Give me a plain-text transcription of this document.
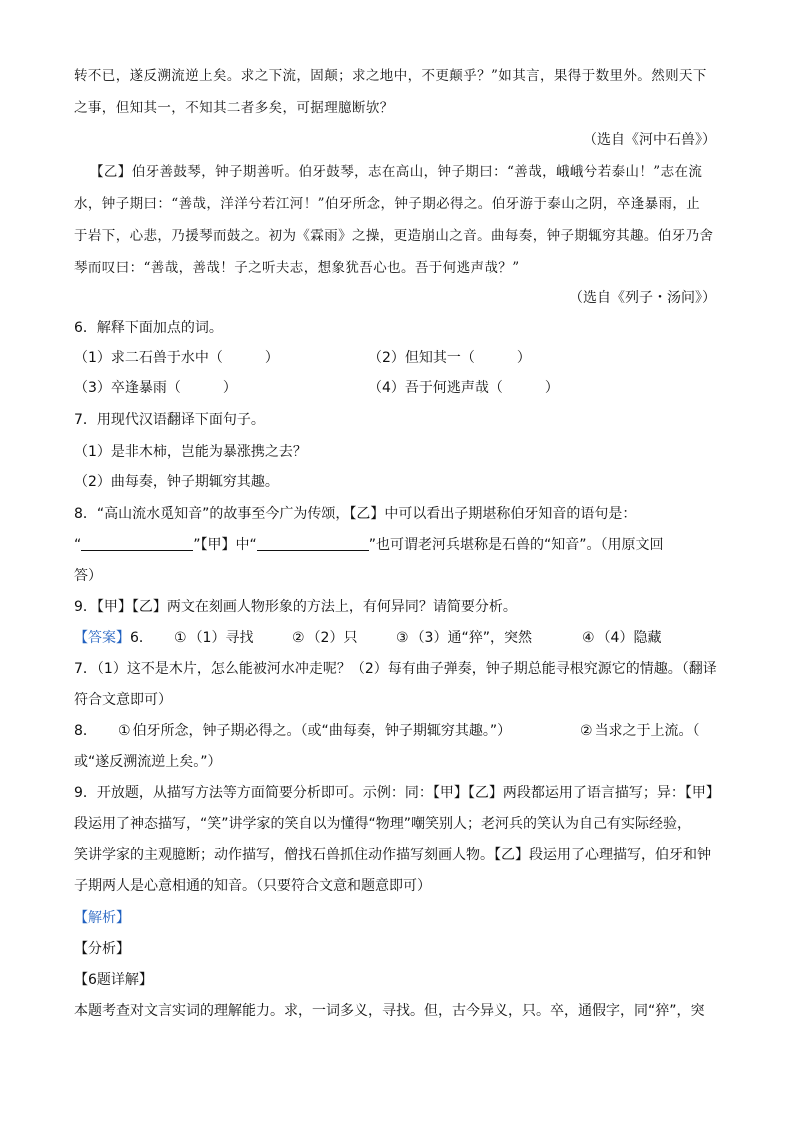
转不已，遂反溯流逆上矣。求之下流，固颠；求之地中，不更颠乎？”如其言，果得于数里外。然则天下
之事，但知其一，不知其二者多矣，可据理臆断欤？
（选自《河中石兽》）
【乙】伯牙善鼓琴，钟子期善听。伯牙鼓琴，志在高山，钟子期曰：“善哉，峨峨兮若泰山！”志在流
水，钟子期曰：“善哉，洋洋兮若江河！”伯牙所念，钟子期必得之。伯牙游于泰山之阴，卒逢暴雨，止
于岩下，心悲，乃援琴而鼓之。初为《霖雨》之操，更造崩山之音。曲每奏，钟子期辄穷其趣。伯牙乃舍
琴而叹曰：“善哉，善哉！子之听夫志，想象犹吾心也。吾于何逃声哉？”
（选自《列子・汤问》）
6．解释下面加点的词。
（1）求二石兽于水中（　　　）	（2）但知其一（　　　）
（3）卒逢暴雨（　　　）	（4）吾于何逃声哉（　　　）
7．用现代汉语翻译下面句子。
（1）是非木柿，岂能为暴涨携之去？
（2）曲每奏，钟子期辄穷其趣。
8．“高山流水觅知音”的故事至今广为传颂，【乙】中可以看出子期堪称伯牙知音的语句是：
“	”【甲】中“	”也可谓老河兵堪称是石兽的“知音”。（用原文回
答）
9．【甲】【乙】两文在刻画人物形象的方法上，有何异同？请简要分析。
【答案】6．	① （1）寻找	② （2）只	③ （3）通“猝”，突然	④ （4）隐藏
7．（1）这不是木片，怎么能被河水冲走呢？（2）每有曲子弹奏，钟子期总能寻根究源它的情趣。（翻译
符合文意即可）
8．	① 伯牙所念，钟子期必得之。（或“曲每奏，钟子期辄穷其趣。”）	② 当求之于上流。（
或“遂反溯流逆上矣。”）
9．开放题，从描写方法等方面简要分析即可。示例：同：【甲】【乙】两段都运用了语言描写；异：【甲】
段运用了神态描写，“笑”讲学家的笑自以为懂得“物理”嘲笑别人；老河兵的笑认为自己有实际经验，
笑讲学家的主观臆断；动作描写，僧找石兽抓住动作描写刻画人物。【乙】段运用了心理描写，伯牙和钟
子期两人是心意相通的知音。（只要符合文意和题意即可）
【解析】
【分析】
【6题详解】
本题考查对文言实词的理解能力。求，一词多义，寻找。但，古今异义，只。卒，通假字，同“猝”，突
